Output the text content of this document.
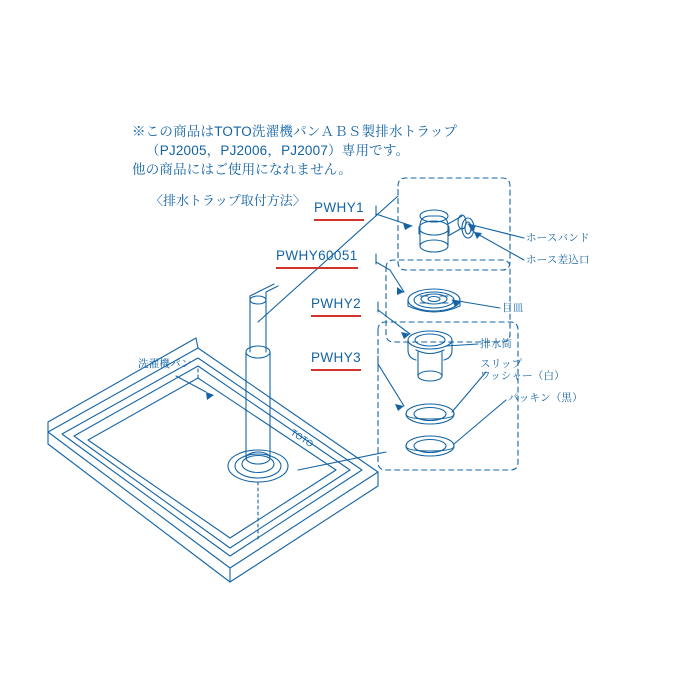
TOTO
※この商品はTOTO洗濯機パンＡＢＳ製排水トラップ
（PJ2005，PJ2006，PJ2007）専用です。
他の商品にはご使用になれません。
〈排水トラップ取付方法〉 PWHY1
PWHY60051
PWHY2
PWHY3
ホースバンド
ホース差込口
目皿
排水筒
スリップ
ワッシャー（白）
パッキン（黒）
洗濯機パン
